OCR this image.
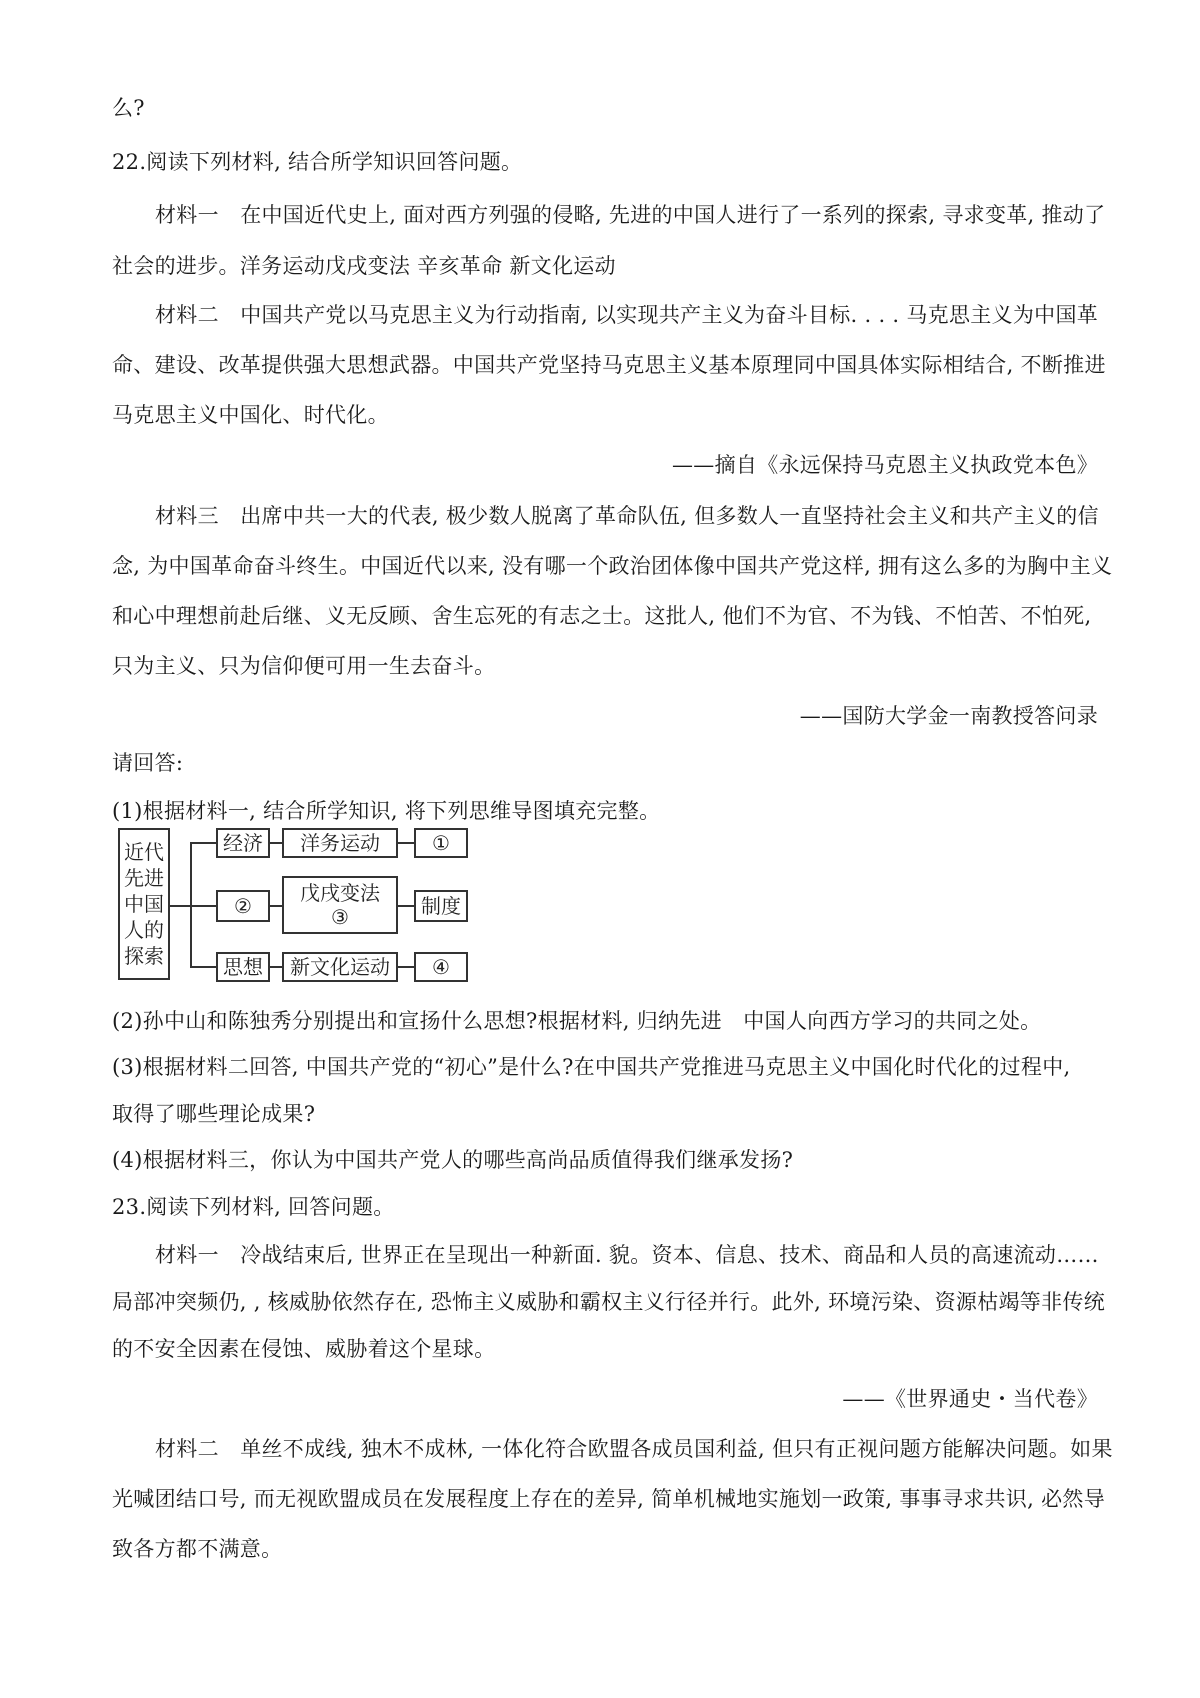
么?
22.阅读下列材料, 结合所学知识回答问题。
材料一　在中国近代史上, 面对西方列强的侵略, 先进的中国人进行了一系列的探索, 寻求变革, 推动了
社会的进步。洋务运动戊戌变法 辛亥革命 新文化运动
材料二　中国共产党以马克思主义为行动指南, 以实现共产主义为奋斗目标. . . . 马克思主义为中国革
命、建设、改革提供强大思想武器。中国共产党坚持马克思主义基本原理同中国具体实际相结合, 不断推进
马克思主义中国化、时代化。
——摘自《永远保持马克恩主义执政党本色》
材料三　出席中共一大的代表, 极少数人脱离了革命队伍, 但多数人一直坚持社会主义和共产主义的信
念, 为中国革命奋斗终生。中国近代以来, 没有哪一个政治团体像中国共产党这样, 拥有这么多的为胸中主义
和心中理想前赴后继、义无反顾、舍生忘死的有志之士。这批人, 他们不为官、不为钱、不怕苦、不怕死,
只为主义、只为信仰便可用一生去奋斗。
——国防大学金一南教授答问录
请回答:
(1)根据材料一, 结合所学知识, 将下列思维导图填充完整。
近代先进中国人的探索
经济	洋务运动	①
②
戊戌变法
③	制度
思想	新文化运动	④
(2)孙中山和陈独秀分别提出和宣扬什么思想?根据材料, 归纳先进　中国人向西方学习的共同之处。
(3)根据材料二回答, 中国共产党的“初心”是什么?在中国共产党推进马克思主义中国化时代化的过程中,
取得了哪些理论成果?
(4)根据材料三，你认为中国共产党人的哪些高尚品质值得我们继承发扬?
23.阅读下列材料, 回答问题。
材料一　冷战结束后, 世界正在呈现出一种新面. 貌。资本、信息、技术、商品和人员的高速流动……
局部冲突频仍, , 核威胁依然存在, 恐怖主义威胁和霸权主义行径并行。此外, 环境污染、资源枯竭等非传统
的不安全因素在侵蚀、威胁着这个星球。
——《世界通史・当代卷》
材料二　单丝不成线, 独木不成林, 一体化符合欧盟各成员国利益, 但只有正视问题方能解决问题。如果
光喊团结口号, 而无视欧盟成员在发展程度上存在的差异, 简单机械地实施划一政策, 事事寻求共识, 必然导
致各方都不满意。
